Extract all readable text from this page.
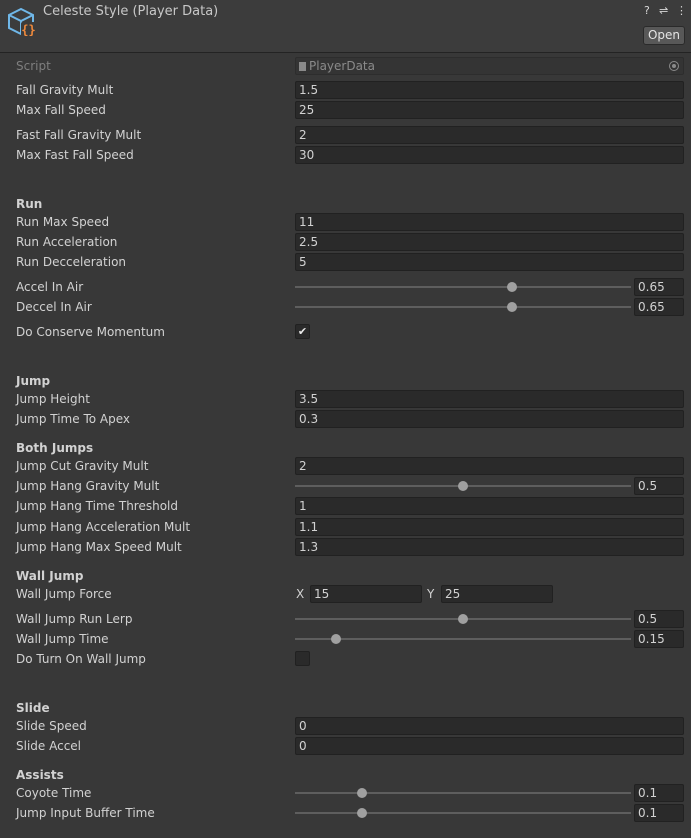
{}
Celeste Style (Player Data)	? ⇌ ⋮
Open
Script	PlayerData
Fall Gravity Mult	1.5
Max Fall Speed	25
Fast Fall Gravity Mult	2
Max Fast Fall Speed	30
Run
Run Max Speed	11
Run Acceleration	2.5
Run Decceleration	5
Accel In Air	0.65
Deccel In Air	0.65
Do Conserve Momentum	✔
Jump
Jump Height	3.5
Jump Time To Apex	0.3
Both Jumps
Jump Cut Gravity Mult	2
Jump Hang Gravity Mult	0.5
Jump Hang Time Threshold	1
Jump Hang Acceleration Mult	1.1
Jump Hang Max Speed Mult	1.3
Wall Jump
Wall Jump Force	X 15	Y 25
Wall Jump Run Lerp	0.5
Wall Jump Time	0.15
Do Turn On Wall Jump
Slide
Slide Speed	0
Slide Accel	0
Assists
Coyote Time	0.1
Jump Input Buffer Time	0.1
